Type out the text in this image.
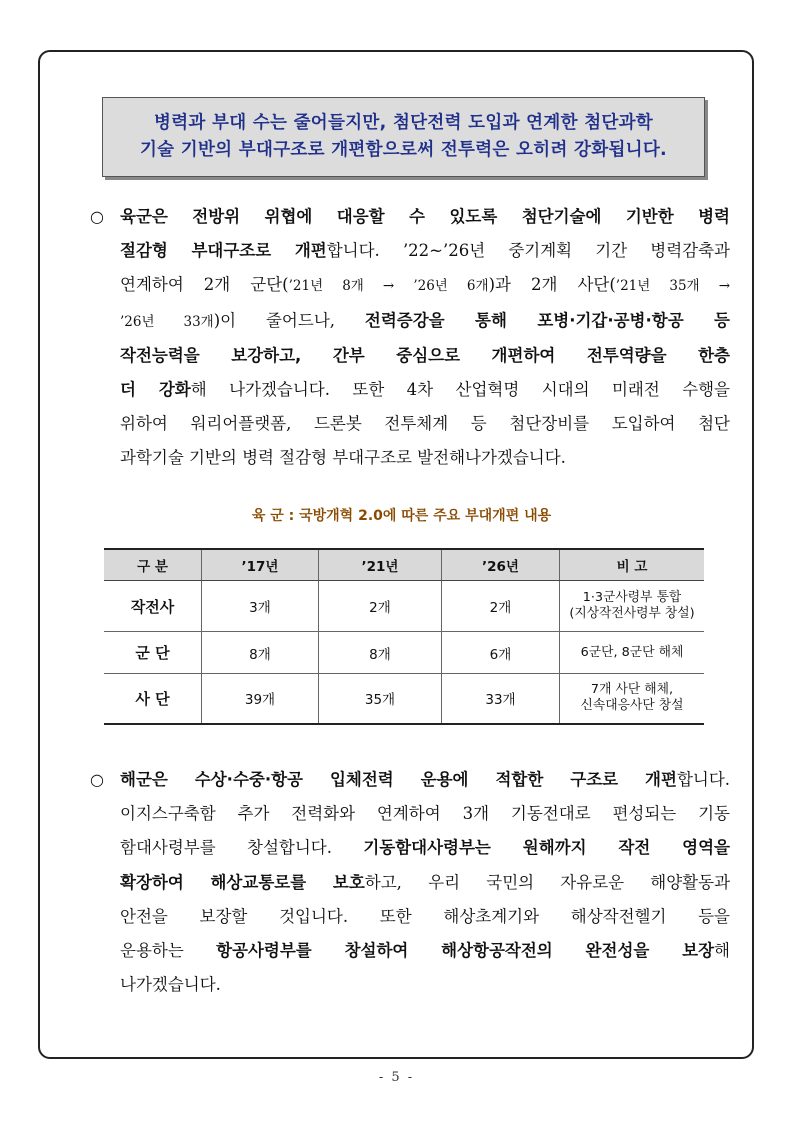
병력과 부대 수는 줄어들지만, 첨단전력 도입과 연계한 첨단과학
기술 기반의 부대구조로 개편함으로써 전투력은 오히려 강화됩니다.
○ 육군은 전방위 위협에 대응할 수 있도록 첨단기술에 기반한 병력
절감형 부대구조로 개편합니다. ’22~’26년 중기계획 기간 병력감축과
연계하여 2개 군단(’21년 8개 → ’26년 6개)과 2개 사단(’21년 35개 →
’26년 33개)이 줄어드나, 전력증강을 통해 포병·기갑·공병·항공 등
작전능력을 보강하고, 간부 중심으로 개편하여 전투역량을 한층
더 강화해 나가겠습니다. 또한 4차 산업혁명 시대의 미래전 수행을
위하여 워리어플랫폼, 드론봇 전투체계 등 첨단장비를 도입하여 첨단
과학기술 기반의 병력 절감형 부대구조로 발전해나가겠습니다.
육 군 : 국방개혁 2.0에 따른 주요 부대개편 내용
구 분	’17년	’21년	’26년	비 고
작전사	3개	2개	2개	1·3군사령부 통합
(지상작전사령부 창설)

군 단	8개	8개	6개	6군단, 8군단 해체

사 단	39개	35개	33개	7개 사단 해체,
신속대응사단 창설
○ 해군은 수상·수중·항공 입체전력 운용에 적합한 구조로 개편합니다.
이지스구축함 추가 전력화와 연계하여 3개 기동전대로 편성되는 기동
함대사령부를 창설합니다. 기동함대사령부는 원해까지 작전 영역을
확장하여 해상교통로를 보호하고, 우리 국민의 자유로운 해양활동과
안전을 보장할 것입니다. 또한 해상초계기와 해상작전헬기 등을
운용하는 항공사령부를 창설하여 해상항공작전의 완전성을 보장해
나가겠습니다.
- 5 -
